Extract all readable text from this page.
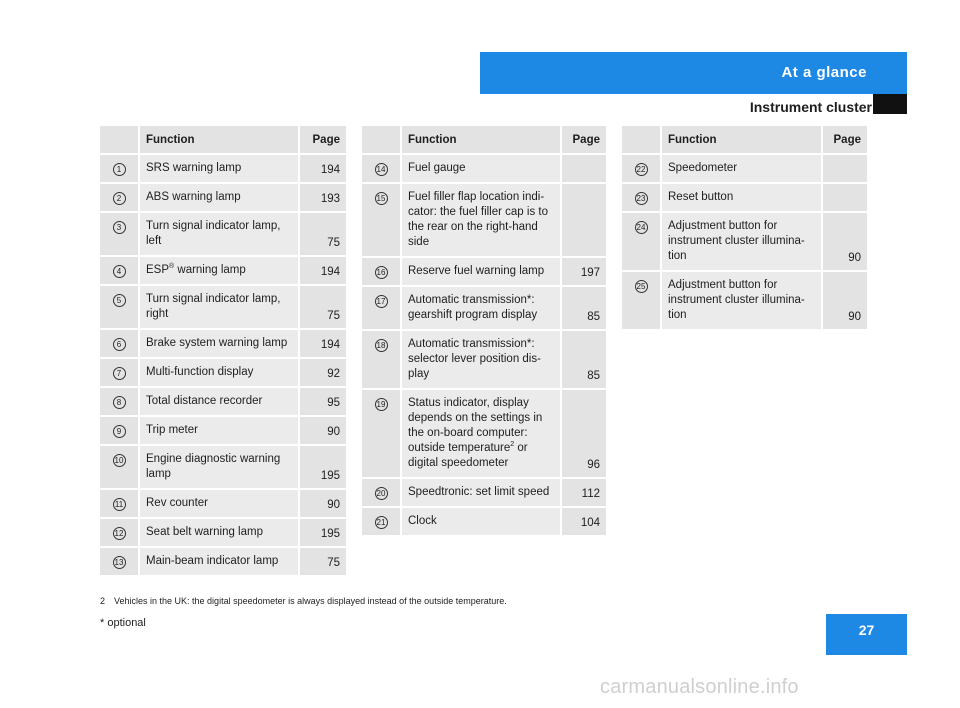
At a glance
Instrument cluster
	Function	Page
1	SRS warning lamp	194
2	ABS warning lamp	193
3	Turn signal indicator lamp, left	75
4	ESP® warning lamp	194
5	Turn signal indicator lamp, right	75
6	Brake system warning lamp	194
7	Multi-function display	92
8	Total distance recorder	95
9	Trip meter	90
10	Engine diagnostic warning lamp	195
11	Rev counter	90
12	Seat belt warning lamp	195
13	Main-beam indicator lamp	75
	Function	Page
14	Fuel gauge	
15	Fuel filler flap location indi-cator: the fuel filler cap is to the rear on the right-hand side	
16	Reserve fuel warning lamp	197
17	Automatic transmission*: gearshift program display	85
18	Automatic transmission*: selector lever position dis-play	85
19	Status indicator, display depends on the settings in the on-board computer: outside temperature$^2$ or digital speedometer	96
20	Speedtronic: set limit speed	112
21	Clock	104
	Function	Page
22	Speedometer	
23	Reset button	
24	Adjustment button for instrument cluster illumina-tion	90
25	Adjustment button for instrument cluster illumina-tion	90
2 Vehicles in the UK: the digital speedometer is always displayed instead of the outside temperature.
* optional	27
carmanualsonline.info
